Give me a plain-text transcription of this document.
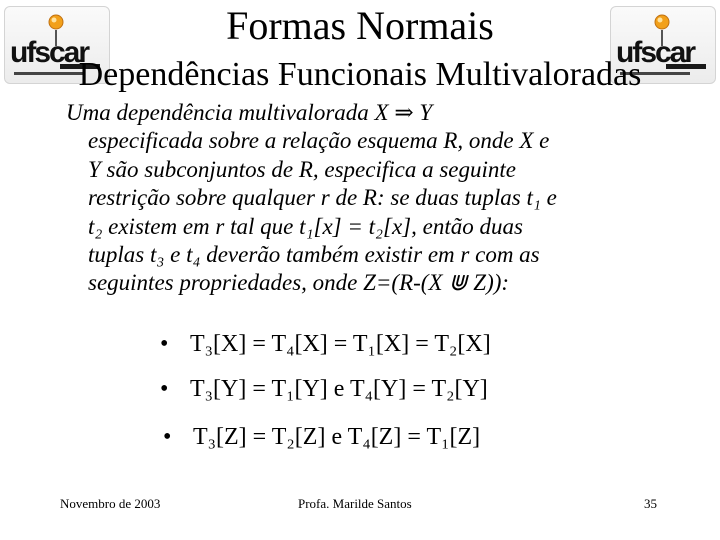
ufscar	ufscar
Formas Normais
Dependências Funcionais Multivaloradas
Uma dependência multivalorada X ⇒ Y
especificada sobre a relação esquema R, onde X e
Y são subconjuntos de R, especifica a seguinte
restrição sobre qualquer r de R: se duas tuplas t₁ e
t₂ existem em r tal que t₁[x] = t₂[x], então duas
tuplas t₃ e t₄ deverão também existir em r com as
seguintes propriedades, onde Z=(R-(X ⋓ Z)):
• T₃[X] = T₄[X] = T₁[X] = T₂[X]
• T₃[Y] = T₁[Y] e T₄[Y] = T₂[Y]
• T₃[Z] = T₂[Z] e T₄[Z] = T₁[Z]
Novembro de 2003	Profa. Marilde Santos	35
